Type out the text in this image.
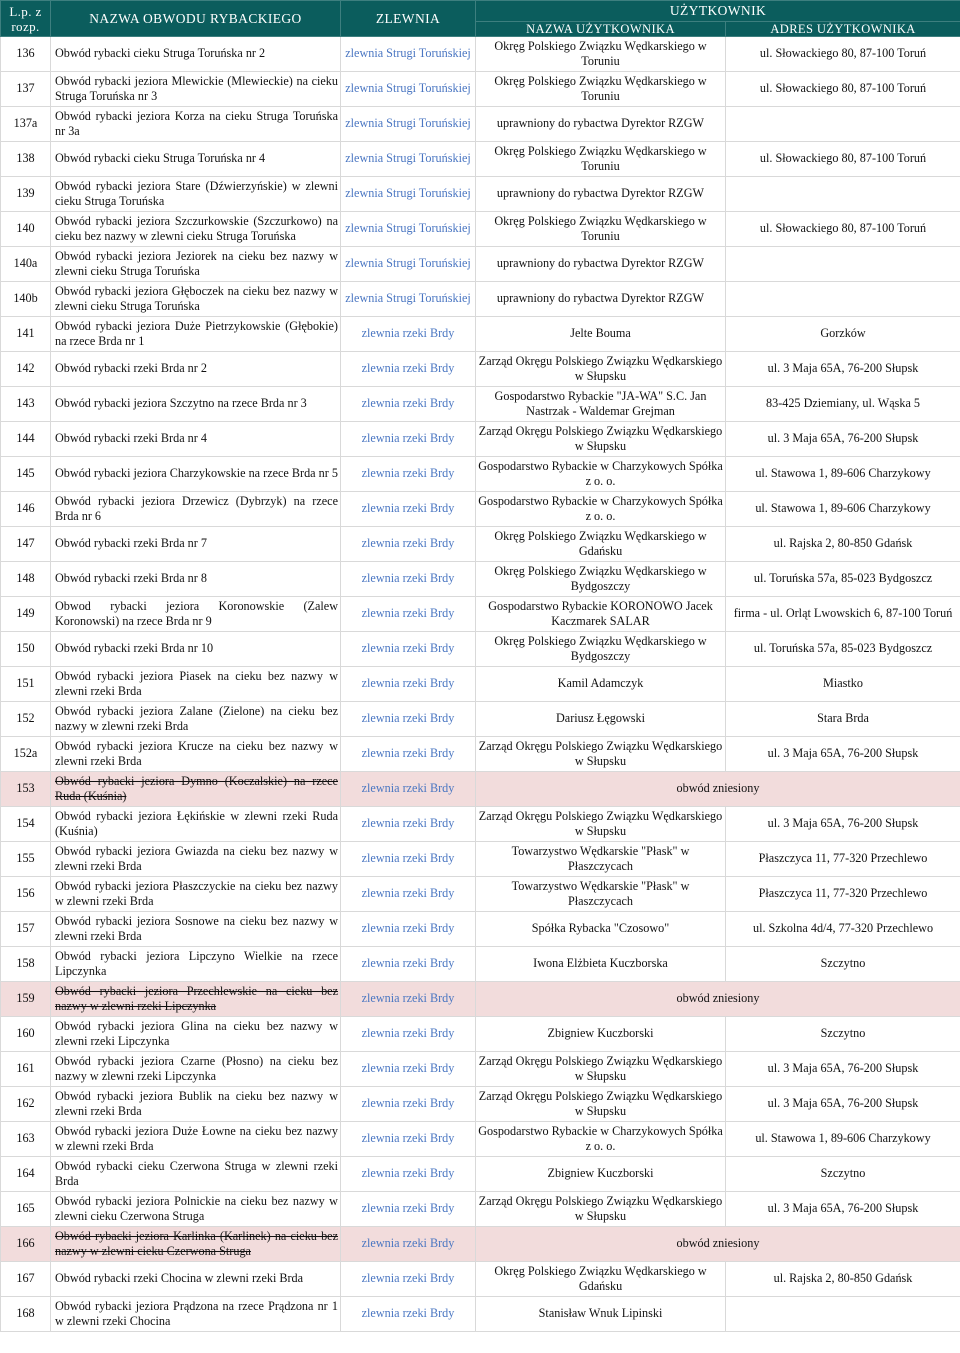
L.p. z rozp.	NAZWA OBWODU RYBACKIEGO	ZLEWNIA	UŻYTKOWNIK	
			NAZWA UŻYTKOWNIKA	ADRES UŻYTKOWNIKA
136	Obwód rybacki cieku Struga Toruńska nr 2	zlewnia Strugi Toruńskiej	Okręg Polskiego Związku Wędkarskiego w Toruniu	ul. Słowackiego 80, 87-100 Toruń
137	Obwód rybacki jeziora Mlewickie (Mlewieckie) na cieku Struga Toruńska nr 3	zlewnia Strugi Toruńskiej	Okręg Polskiego Związku Wędkarskiego w Toruniu	ul. Słowackiego 80, 87-100 Toruń
137a	Obwód rybacki jeziora Korza na cieku Struga Toruńska nr 3a	zlewnia Strugi Toruńskiej	uprawniony do rybactwa Dyrektor RZGW	
138	Obwód rybacki cieku Struga Toruńska nr 4	zlewnia Strugi Toruńskiej	Okręg Polskiego Związku Wędkarskiego w Toruniu	ul. Słowackiego 80, 87-100 Toruń
139	Obwód rybacki jeziora Stare (Dźwierzyńskie) w zlewni cieku Struga Toruńska	zlewnia Strugi Toruńskiej	uprawniony do rybactwa Dyrektor RZGW	
140	Obwód rybacki jeziora Szczurkowskie (Szczurkowo) na cieku bez nazwy w zlewni cieku Struga Toruńska	zlewnia Strugi Toruńskiej	Okręg Polskiego Związku Wędkarskiego w Toruniu	ul. Słowackiego 80, 87-100 Toruń
140a	Obwód rybacki jeziora Jeziorek na cieku bez nazwy w zlewni cieku Struga Toruńska	zlewnia Strugi Toruńskiej	uprawniony do rybactwa Dyrektor RZGW	
140b	Obwód rybacki jeziora Głęboczek na cieku bez nazwy w zlewni cieku Struga Toruńska	zlewnia Strugi Toruńskiej	uprawniony do rybactwa Dyrektor RZGW	
141	Obwód rybacki jeziora Duże Pietrzykowskie (Głębokie) na rzece Brda nr 1	zlewnia rzeki Brdy	Jelte Bouma	Gorzków
142	Obwód rybacki rzeki Brda nr 2	zlewnia rzeki Brdy	Zarząd Okręgu Polskiego Związku Wędkarskiego w Słupsku	ul. 3 Maja 65A, 76-200 Słupsk
143	Obwód rybacki jeziora Szczytno na rzece Brda nr 3	zlewnia rzeki Brdy	Gospodarstwo Rybackie "JA-WA" S.C. Jan Nastrzak - Waldemar Grejman	83-425 Dziemiany, ul. Wąska 5
144	Obwód rybacki rzeki Brda nr 4	zlewnia rzeki Brdy	Zarząd Okręgu Polskiego Związku Wędkarskiego w Słupsku	ul. 3 Maja 65A, 76-200 Słupsk
145	Obwód rybacki jeziora Charzykowskie na rzece Brda nr 5	zlewnia rzeki Brdy	Gospodarstwo Rybackie w Charzykowych Spółka z o. o.	ul. Stawowa 1, 89-606 Charzykowy
146	Obwód rybacki jeziora Drzewicz (Dybrzyk) na rzece Brda nr 6	zlewnia rzeki Brdy	Gospodarstwo Rybackie w Charzykowych Spółka z o. o.	ul. Stawowa 1, 89-606 Charzykowy
147	Obwód rybacki rzeki Brda nr 7	zlewnia rzeki Brdy	Okręg Polskiego Związku Wędkarskiego w Gdańsku	ul. Rajska 2, 80-850 Gdańsk
148	Obwód rybacki rzeki Brda nr 8	zlewnia rzeki Brdy	Okręg Polskiego Związku Wędkarskiego w Bydgoszczy	ul. Toruńska 57a, 85-023 Bydgoszcz
149	Obwod rybacki jeziora Koronowskie (Zalew Koronowski) na rzece Brda nr 9	zlewnia rzeki Brdy	Gospodarstwo Rybackie KORONOWO Jacek Kaczmarek SALAR	firma - ul. Orląt Lwowskich 6, 87-100 Toruń
150	Obwód rybacki rzeki Brda nr 10	zlewnia rzeki Brdy	Okręg Polskiego Związku Wędkarskiego w Bydgoszczy	ul. Toruńska 57a, 85-023 Bydgoszcz
151	Obwód rybacki jeziora Piasek na cieku bez nazwy w zlewni rzeki Brda	zlewnia rzeki Brdy	Kamil Adamczyk	Miastko
152	Obwód rybacki jeziora Zalane (Zielone) na cieku bez nazwy w zlewni rzeki Brda	zlewnia rzeki Brdy	Dariusz Łęgowski	Stara Brda
152a	Obwód rybacki jeziora Krucze na cieku bez nazwy w zlewni rzeki Brda	zlewnia rzeki Brdy	Zarząd Okręgu Polskiego Związku Wędkarskiego w Słupsku	ul. 3 Maja 65A, 76-200 Słupsk
153	Obwód rybacki jeziora Dymno (Koczalskie) na rzece Ruda (Kuśnia)	zlewnia rzeki Brdy	obwód zniesiony	
154	Obwód rybacki jeziora Łękińskie w zlewni rzeki Ruda (Kuśnia)	zlewnia rzeki Brdy	Zarząd Okręgu Polskiego Związku Wędkarskiego w Słupsku	ul. 3 Maja 65A, 76-200 Słupsk
155	Obwód rybacki jeziora Gwiazda na cieku bez nazwy w zlewni rzeki Brda	zlewnia rzeki Brdy	Towarzystwo Wędkarskie "Płask" w Płaszczycach	Płaszczyca 11, 77-320 Przechlewo
156	Obwód rybacki jeziora Płaszczyckie na cieku bez nazwy w zlewni rzeki Brda	zlewnia rzeki Brdy	Towarzystwo Wędkarskie "Płask" w Płaszczycach	Płaszczyca 11, 77-320 Przechlewo
157	Obwód rybacki jeziora Sosnowe na cieku bez nazwy w zlewni rzeki Brda	zlewnia rzeki Brdy	Spółka Rybacka "Czosowo"	ul. Szkolna 4d/4, 77-320 Przechlewo
158	Obwód rybacki jeziora Lipczyno Wielkie na rzece Lipczynka	zlewnia rzeki Brdy	Iwona Elżbieta Kuczborska	Szczytno
159	Obwód rybacki jeziora Przechlewskie na cieku bez nazwy w zlewni rzeki Lipczynka	zlewnia rzeki Brdy	obwód zniesiony	
160	Obwód rybacki jeziora Glina na cieku bez nazwy w zlewni rzeki Lipczynka	zlewnia rzeki Brdy	Zbigniew Kuczborski	Szczytno
161	Obwód rybacki jeziora Czarne (Płosno) na cieku bez nazwy w zlewni rzeki Lipczynka	zlewnia rzeki Brdy	Zarząd Okręgu Polskiego Związku Wędkarskiego w Słupsku	ul. 3 Maja 65A, 76-200 Słupsk
162	Obwód rybacki jeziora Bublik na cieku bez nazwy w zlewni rzeki Brda	zlewnia rzeki Brdy	Zarząd Okręgu Polskiego Związku Wędkarskiego w Słupsku	ul. 3 Maja 65A, 76-200 Słupsk
163	Obwód rybacki jeziora Duże Łowne na cieku bez nazwy w zlewni rzeki Brda	zlewnia rzeki Brdy	Gospodarstwo Rybackie w Charzykowych Spółka z o. o.	ul. Stawowa 1, 89-606 Charzykowy
164	Obwód rybacki cieku Czerwona Struga w zlewni rzeki Brda	zlewnia rzeki Brdy	Zbigniew Kuczborski	Szczytno
165	Obwód rybacki jeziora Polnickie na cieku bez nazwy w zlewni cieku Czerwona Struga	zlewnia rzeki Brdy	Zarząd Okręgu Polskiego Związku Wędkarskiego w Słupsku	ul. 3 Maja 65A, 76-200 Słupsk
166	Obwód rybacki jeziora Karlinka (Karlinek) na cieku bez nazwy w zlewni cieku Czerwona Struga	zlewnia rzeki Brdy	obwód zniesiony	
167	Obwód rybacki rzeki Chocina w zlewni rzeki Brda	zlewnia rzeki Brdy	Okręg Polskiego Związku Wędkarskiego w Gdańsku	ul. Rajska 2, 80-850 Gdańsk
168	Obwód rybacki jeziora Prądzona na rzece Prądzona nr 1 w zlewni rzeki Chocina	zlewnia rzeki Brdy	Stanisław Wnuk Lipinski	
